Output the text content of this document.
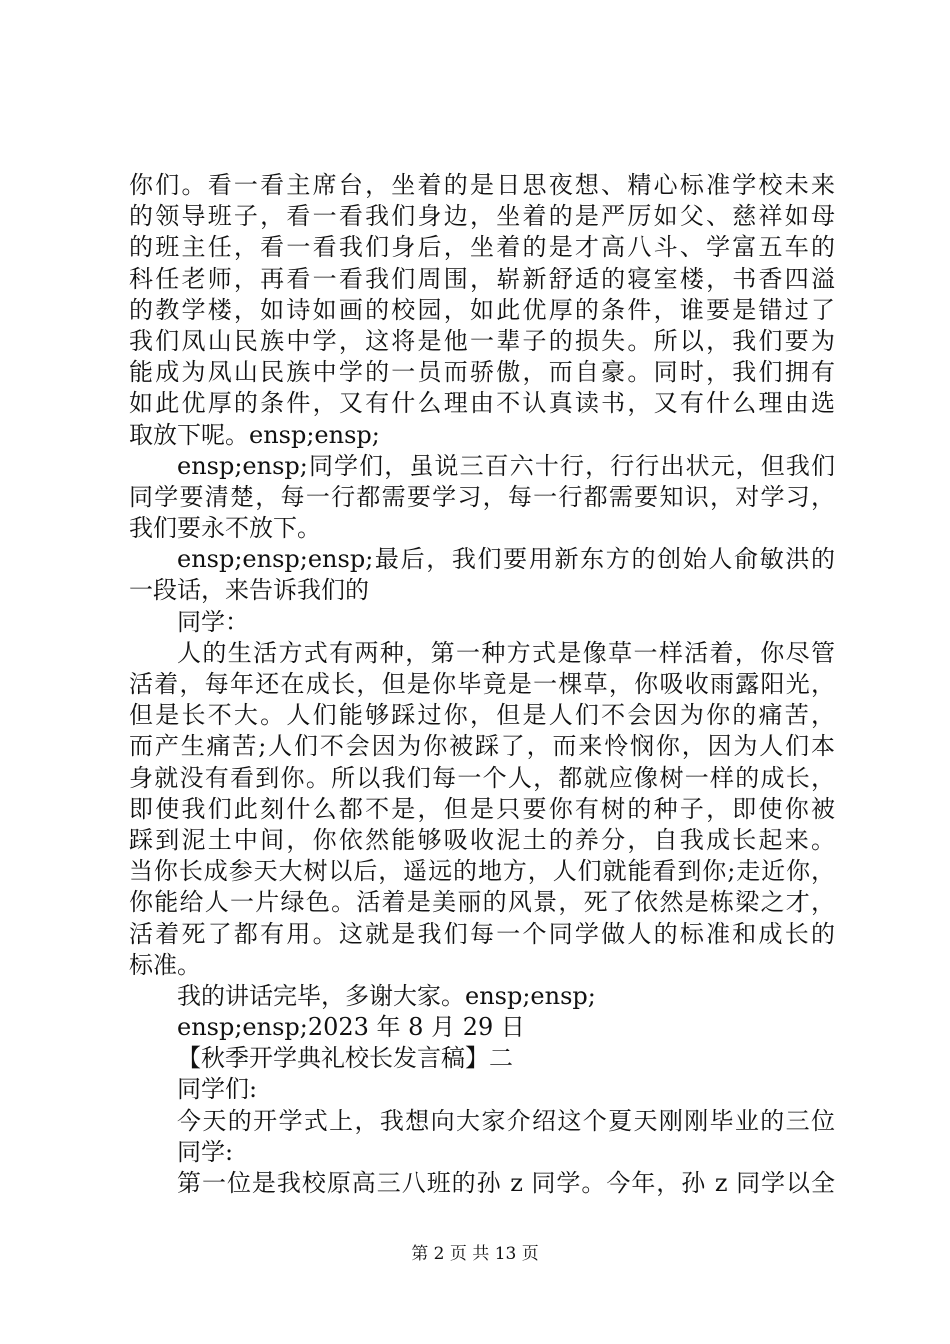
你们。看一看主席台，坐着的是日思夜想、精心标准学校未来
的领导班子，看一看我们身边，坐着的是严厉如父、慈祥如母
的班主任，看一看我们身后，坐着的是才高八斗、学富五车的
科任老师，再看一看我们周围，崭新舒适的寝室楼，书香四溢
的教学楼，如诗如画的校园，如此优厚的条件，谁要是错过了
我们凤山民族中学，这将是他一辈子的损失。所以，我们要为
能成为凤山民族中学的一员而骄傲，而自豪。同时，我们拥有
如此优厚的条件，又有什么理由不认真读书，又有什么理由选
取放下呢。ensp;ensp;
ensp;ensp;同学们，虽说三百六十行，行行出状元，但我们
同学要清楚，每一行都需要学习，每一行都需要知识，对学习，
我们要永不放下。
ensp;ensp;ensp;最后，我们要用新东方的创始人俞敏洪的
一段话，来告诉我们的
同学：
人的生活方式有两种，第一种方式是像草一样活着，你尽管
活着，每年还在成长，但是你毕竟是一棵草，你吸收雨露阳光，
但是长不大。人们能够踩过你，但是人们不会因为你的痛苦，
而产生痛苦;人们不会因为你被踩了，而来怜悯你，因为人们本
身就没有看到你。所以我们每一个人，都就应像树一样的成长，
即使我们此刻什么都不是，但是只要你有树的种子，即使你被
踩到泥土中间，你依然能够吸收泥土的养分，自我成长起来。
当你长成参天大树以后，遥远的地方，人们就能看到你;走近你，
你能给人一片绿色。活着是美丽的风景，死了依然是栋梁之才，
活着死了都有用。这就是我们每一个同学做人的标准和成长的
标准。
我的讲话完毕，多谢大家。ensp;ensp;
ensp;ensp;2023 年 8 月 29 日
【秋季开学典礼校长发言稿】二
同学们:
今天的开学式上，我想向大家介绍这个夏天刚刚毕业的三位
同学:
第一位是我校原高三八班的孙 z 同学。今年，孙 z 同学以全
第 2 页 共 13 页
